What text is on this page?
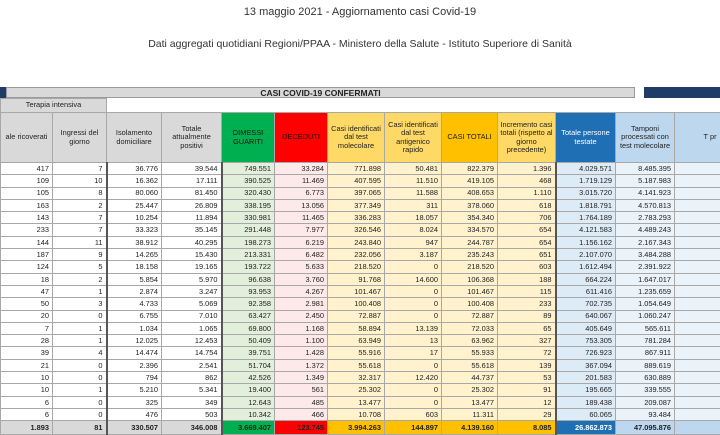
13 maggio 2021 - Aggiornamento casi Covid-19
Dati aggregati quotidiani Regioni/PPAA - Ministero della Salute - Istituto Superiore di Sanità
CASI COVID-19 CONFERMATI
Terapia intensiva												
ale ricoverati	Ingressi del giorno	Isolamento domiciliare	Totale attualmente positivi	DIMESSI GUARITI	DECEDUTI	Casi identificati dal test molecolare	Casi identificati dal test antigenico rapido	CASI TOTALI	Incremento casi totali (rispetto al giorno precedente)	Totale persone testate	Tamponi processati con test molecolare	T pr
417	7	36.776	39.544	749.551	33.284	771.898	50.481	822.379	1.396	4.029.571	8.485.395	
109	10	16.362	17.111	390.525	11.469	407.595	11.510	419.105	468	1.719.129	5.187.983	
105	8	80.060	81.450	320.430	6.773	397.065	11.588	408.653	1.110	3.015.720	4.141.923	
163	2	25.447	26.809	338.195	13.056	377.349	311	378.060	618	1.818.791	4.570.813	
143	7	10.254	11.894	330.981	11.465	336.283	18.057	354.340	706	1.764.189	2.783.293	
233	7	33.323	35.145	291.448	7.977	326.546	8.024	334.570	654	4.121.583	4.489.243	
144	11	38.912	40.295	198.273	6.219	243.840	947	244.787	654	1.156.162	2.167.343	
187	9	14.265	15.430	213.331	6.482	232.056	3.187	235.243	651	2.107.070	3.484.288	
124	5	18.158	19.165	193.722	5.633	218.520	0	218.520	603	1.612.494	2.391.922	
18	2	5.854	5.970	96.638	3.760	91.768	14.600	106.368	188	664.224	1.647.017	
47	1	2.874	3.247	93.953	4.267	101.467	0	101.467	115	611.416	1.235.659	
50	3	4.733	5.069	92.358	2.981	100.408	0	100.408	233	702.735	1.054.649	
20	0	6.755	7.010	63.427	2.450	72.887	0	72.887	89	640.067	1.060.247	
7	1	1.034	1.065	69.800	1.168	58.894	13.139	72.033	65	405.649	565.611	
28	1	12.025	12.453	50.409	1.100	63.949	13	63.962	327	753.305	781.284	
39	4	14.474	14.754	39.751	1.428	55.916	17	55.933	72	726.923	867.911	
21	0	2.396	2.541	51.704	1.372	55.618	0	55.618	139	367.094	889.619	
10	0	794	862	42.526	1.349	32.317	12.420	44.737	53	201.583	630.889	
10	1	5.210	5.341	19.400	561	25.302	0	25.302	91	195.665	339.555	
6	0	325	349	12.643	485	13.477	0	13.477	12	189.438	209.087	
6	0	476	503	10.342	466	10.708	603	11.311	29	60.065	93.484	
1.893	81	330.507	346.008	3.669.407	123.745	3.994.263	144.897	4.139.160	8.085	26.862.873	47.095.876	
